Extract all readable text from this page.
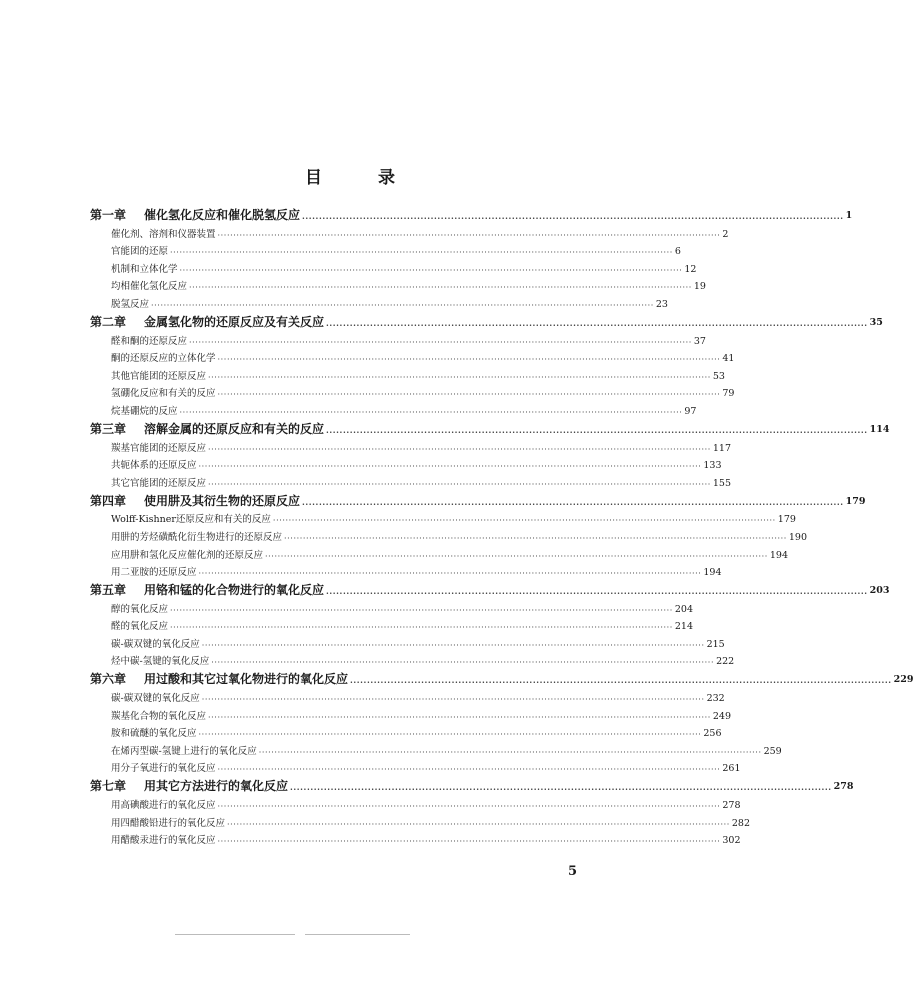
目	录
第一章 催化氢化反应和催化脱氢反应 ································································································································································ 1
催化剂、溶剂和仪器装置 ································································································································································ 2
官能团的还原 ································································································································································ 6
机制和立体化学 ································································································································································ 12
均相催化氢化反应 ································································································································································ 19
脱氢反应 ································································································································································ 23
第二章 金属氢化物的还原反应及有关反应 ································································································································································ 35
醛和酮的还原反应 ································································································································································ 37
酮的还原反应的立体化学 ································································································································································ 41
其他官能团的还原反应 ································································································································································ 53
氢硼化反应和有关的反应 ································································································································································ 79
烷基硼烷的反应 ································································································································································ 97
第三章 溶解金属的还原反应和有关的反应 ································································································································································ 114
羰基官能团的还原反应 ································································································································································ 117
共轭体系的还原反应 ································································································································································ 133
其它官能团的还原反应 ································································································································································ 155
第四章 使用肼及其衍生物的还原反应 ································································································································································ 179
Wolff-Kishner还原反应和有关的反应 ································································································································································ 179
用肼的芳烃磺酰化衍生物进行的还原反应 ································································································································································ 190
应用肼和氢化反应催化剂的还原反应 ································································································································································ 194
用二亚胺的还原反应 ································································································································································ 194
第五章 用铬和锰的化合物进行的氧化反应 ································································································································································ 203
醇的氧化反应 ································································································································································ 204
醛的氧化反应 ································································································································································ 214
碳-碳双键的氧化反应 ································································································································································ 215
烃中碳-氢键的氧化反应 ································································································································································ 222
第六章 用过酸和其它过氧化物进行的氧化反应 ································································································································································ 229
碳-碳双键的氧化反应 ································································································································································ 232
羰基化合物的氧化反应 ································································································································································ 249
胺和硫醚的氧化反应 ································································································································································ 256
在烯丙型碳-氢键上进行的氧化反应 ································································································································································ 259
用分子氧进行的氧化反应 ································································································································································ 261
第七章 用其它方法进行的氧化反应 ································································································································································ 278
用高碘酸进行的氧化反应 ································································································································································ 278
用四醋酸铅进行的氧化反应 ································································································································································ 282
用醋酸汞进行的氧化反应 ································································································································································ 302
5
